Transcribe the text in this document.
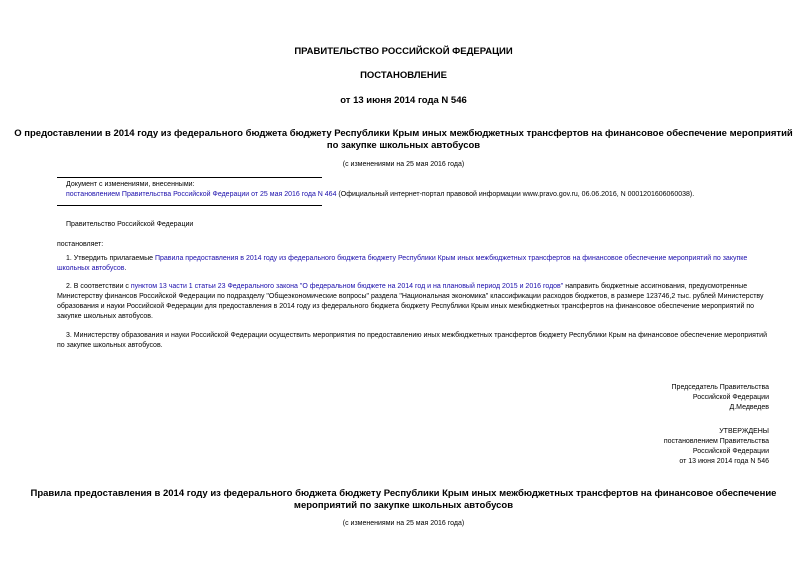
ПРАВИТЕЛЬСТВО РОССИЙСКОЙ ФЕДЕРАЦИИ
ПОСТАНОВЛЕНИЕ
от 13 июня 2014 года N 546
О предоставлении в 2014 году из федерального бюджета бюджету Республики Крым иных межбюджетных трансфертов на финансовое обеспечение мероприятий
по закупке школьных автобусов
(с изменениями на 25 мая 2016 года)
Документ с изменениями, внесенными:
постановлением Правительства Российской Федерации от 25 мая 2016 года N 464 (Официальный интернет-портал правовой информации www.pravo.gov.ru, 06.06.2016, N 0001201606060038).
Правительство Российской Федерации
постановляет:
1. Утвердить прилагаемые Правила предоставления в 2014 году из федерального бюджета бюджету Республики Крым иных межбюджетных трансфертов на финансовое обеспечение мероприятий по закупке школьных автобусов.
2. В соответствии с пунктом 13 части 1 статьи 23 Федерального закона "О федеральном бюджете на 2014 год и на плановый период 2015 и 2016 годов" направить бюджетные ассигнования, предусмотренные Министерству финансов Российской Федерации по подразделу "Общеэкономические вопросы" раздела "Национальная экономика" классификации расходов бюджетов, в размере 123746,2 тыс. рублей Министерству образования и науки Российской Федерации для предоставления в 2014 году из федерального бюджета бюджету Республики Крым иных межбюджетных трансфертов на финансовое обеспечение мероприятий по закупке школьных автобусов.
3. Министерству образования и науки Российской Федерации осуществить мероприятия по предоставлению иных межбюджетных трансфертов бюджету Республики Крым на финансовое обеспечение мероприятий по закупке школьных автобусов.
Председатель Правительства
Российской Федерации
Д.Медведев
УТВЕРЖДЕНЫ
постановлением Правительства
Российской Федерации
от 13 июня 2014 года N 546
Правила предоставления в 2014 году из федерального бюджета бюджету Республики Крым иных межбюджетных трансфертов на финансовое обеспечение
мероприятий по закупке школьных автобусов
(с изменениями на 25 мая 2016 года)
